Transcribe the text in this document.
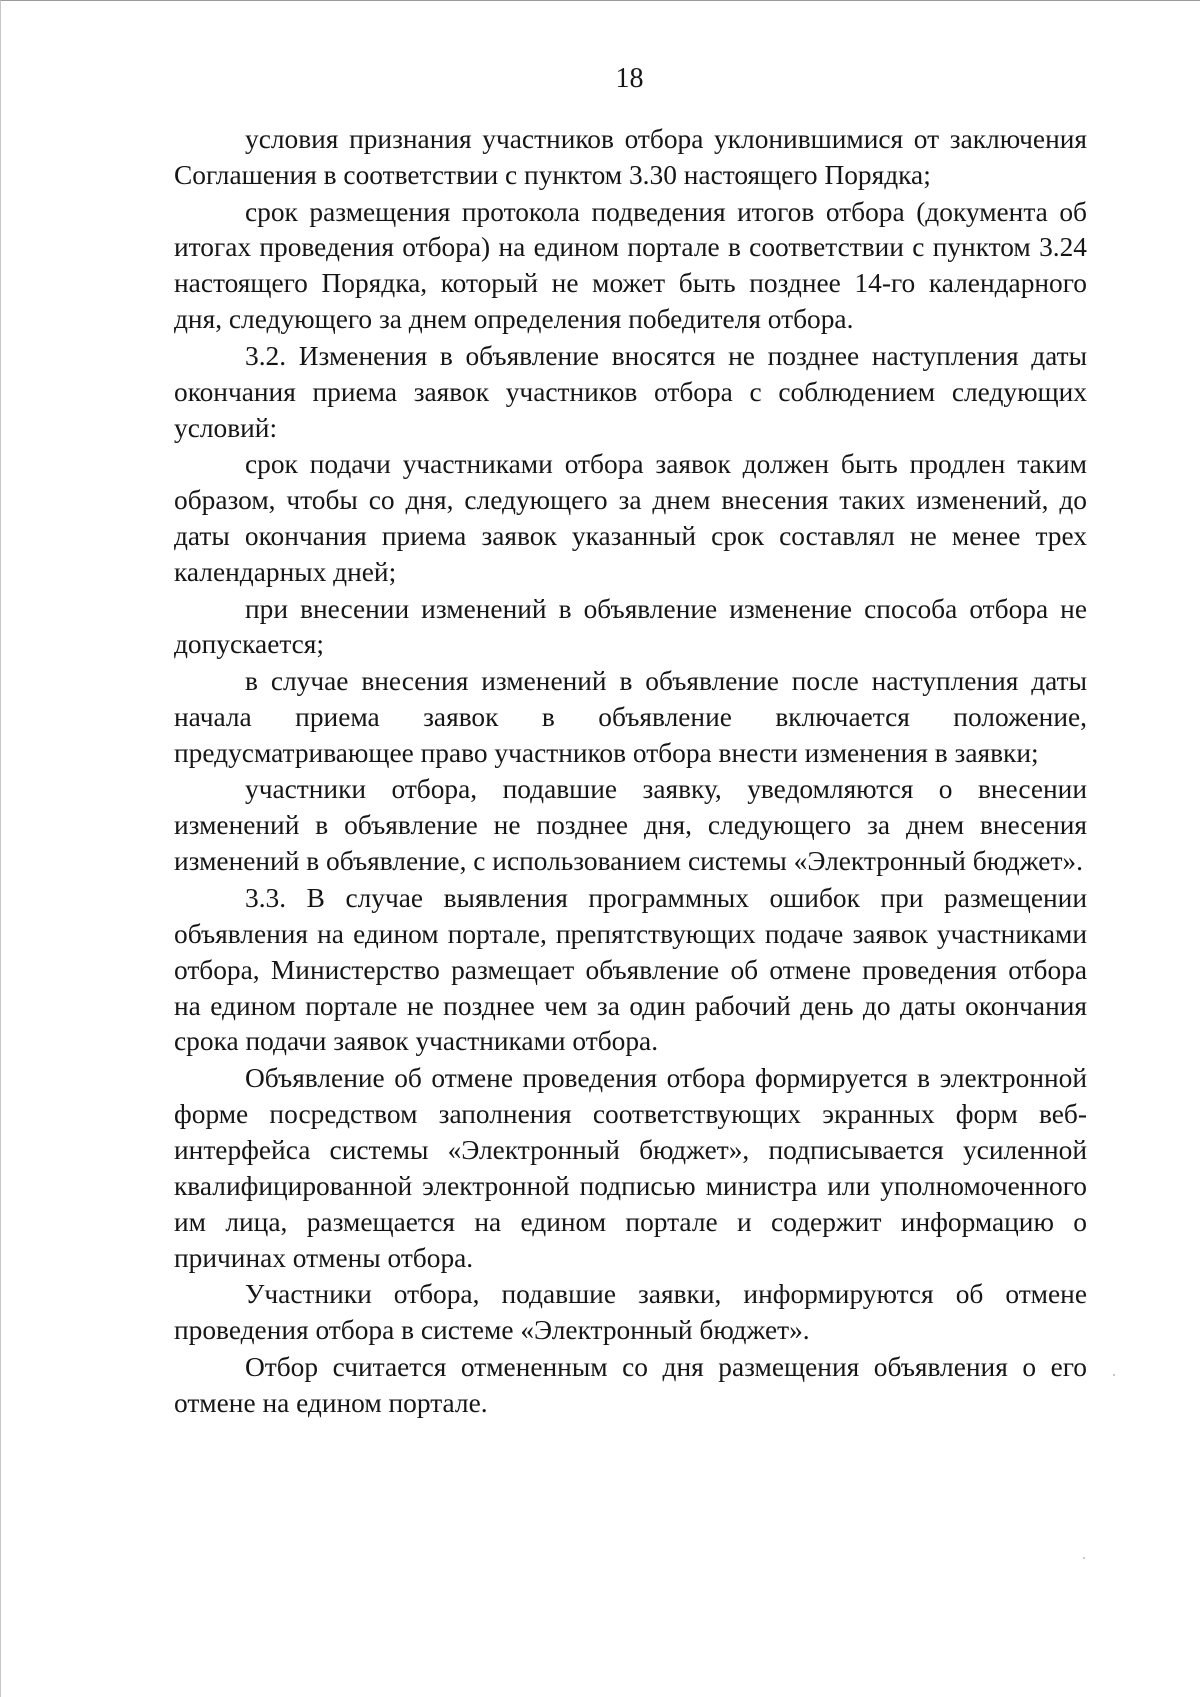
18

условия признания участников отбора уклонившимися от заключения Соглашения в соответствии с пунктом 3.30 настоящего Порядка;

срок размещения протокола подведения итогов отбора (документа об итогах проведения отбора) на едином портале в соответствии с пунктом 3.24 настоящего Порядка, который не может быть позднее 14-го календарного дня, следующего за днем определения победителя отбора.

3.2. Изменения в объявление вносятся не позднее наступления даты окончания приема заявок участников отбора с соблюдением следующих условий:

срок подачи участниками отбора заявок должен быть продлен таким образом, чтобы со дня, следующего за днем внесения таких изменений, до даты окончания приема заявок указанный срок составлял не менее трех календарных дней;

при внесении изменений в объявление изменение способа отбора не допускается;

в случае внесения изменений в объявление после наступления даты начала приема заявок в объявление включается положение, предусматривающее право участников отбора внести изменения в заявки;

участники отбора, подавшие заявку, уведомляются о внесении изменений в объявление не позднее дня, следующего за днем внесения изменений в объявление, с использованием системы «Электронный бюджет».

3.3. В случае выявления программных ошибок при размещении объявления на едином портале, препятствующих подаче заявок участниками отбора, Министерство размещает объявление об отмене проведения отбора на едином портале не позднее чем за один рабочий день до даты окончания срока подачи заявок участниками отбора.

Объявление об отмене проведения отбора формируется в электронной форме посредством заполнения соответствующих экранных форм веб-интерфейса системы «Электронный бюджет», подписывается усиленной квалифицированной электронной подписью министра или уполномоченного им лица, размещается на едином портале и содержит информацию о причинах отмены отбора.

Участники отбора, подавшие заявки, информируются об отмене проведения отбора в системе «Электронный бюджет».

Отбор считается отмененным со дня размещения объявления о его отмене на едином портале.
